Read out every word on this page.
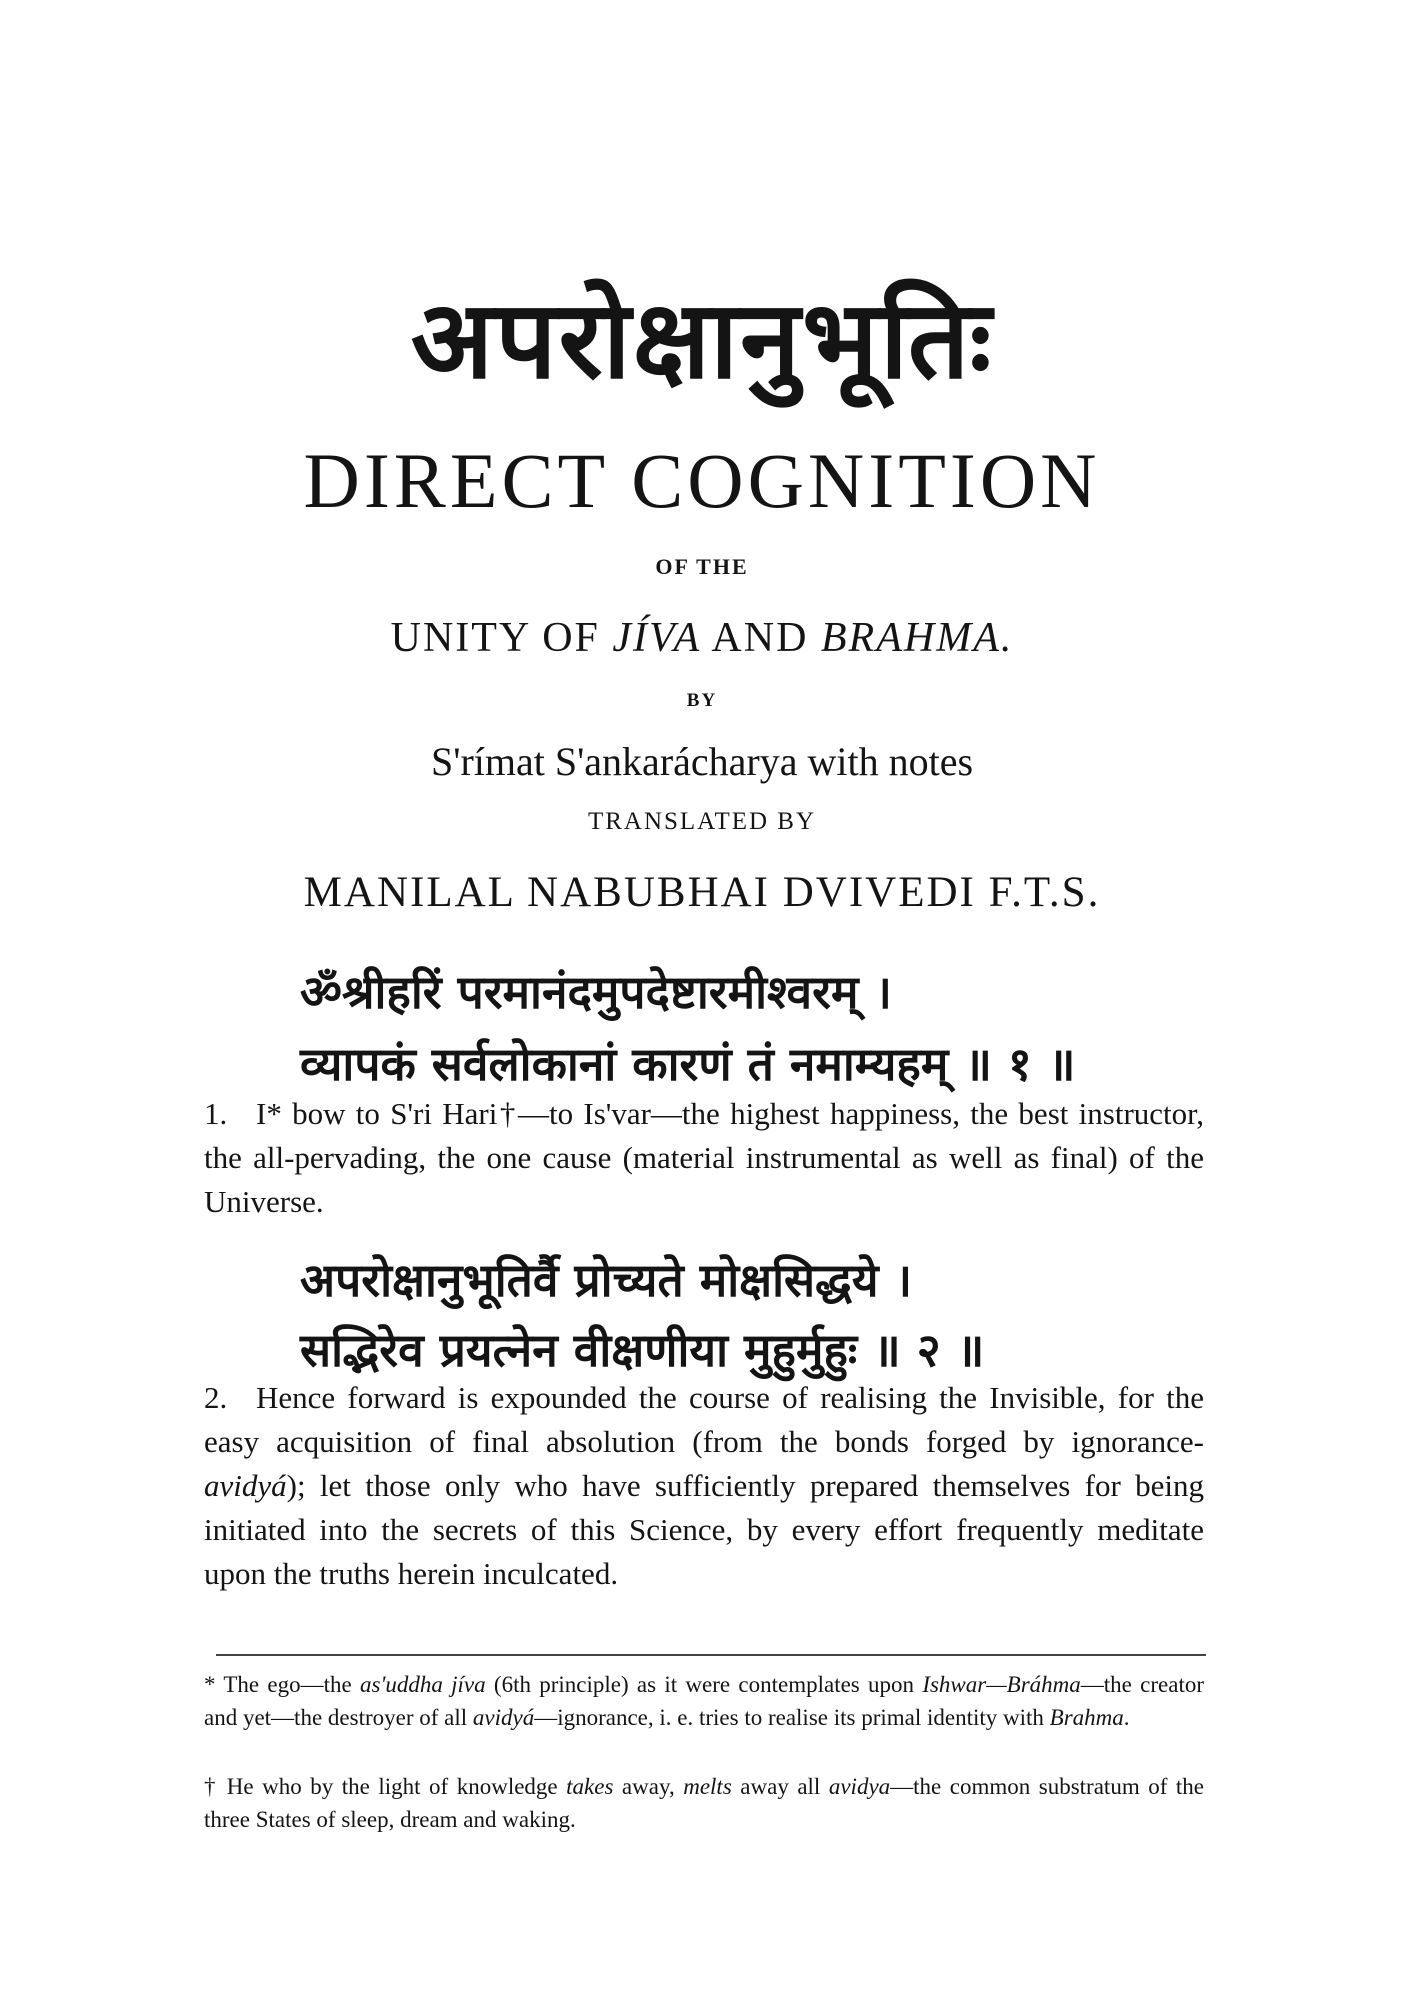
अपरोक्षानुभूतिः
DIRECT COGNITION
OF THE
UNITY OF JÍVA AND BRAHMA.
BY
S'rímat S'ankarácharya with notes
TRANSLATED BY
MANILAL NABUBHAI DVIVEDI F.T.S.
ॐश्रीहरिं परमानंदमुपदेष्टारमीश्वरम् ।
व्यापकं सर्वलोकानां कारणं तं नमाम्यहम् ॥ १ ॥
1. I* bow to S'ri Hari†—to Is'var—the highest happiness, the best instructor, the all-pervading, the one cause (material instrumental as well as final) of the Universe.
अपरोक्षानुभूतिर्वै प्रोच्यते मोक्षसिद्धये ।
सद्भिरेव प्रयत्नेन वीक्षणीया मुहुर्मुहुः ॥ २ ॥
2. Hence forward is expounded the course of realising the Invisible, for the easy acquisition of final absolution (from the bonds forged by ignorance-avidyá); let those only who have sufficiently prepared themselves for being initiated into the secrets of this Science, by every effort frequently meditate upon the truths herein inculcated.
* The ego—the as'uddha jíva (6th principle) as it were contemplates upon Ishwar—Bráhma—the creator and yet—the destroyer of all avidyá—ignorance, i. e. tries to realise its primal identity with Brahma.
† He who by the light of knowledge takes away, melts away all avidya—the common substratum of the three States of sleep, dream and waking.
